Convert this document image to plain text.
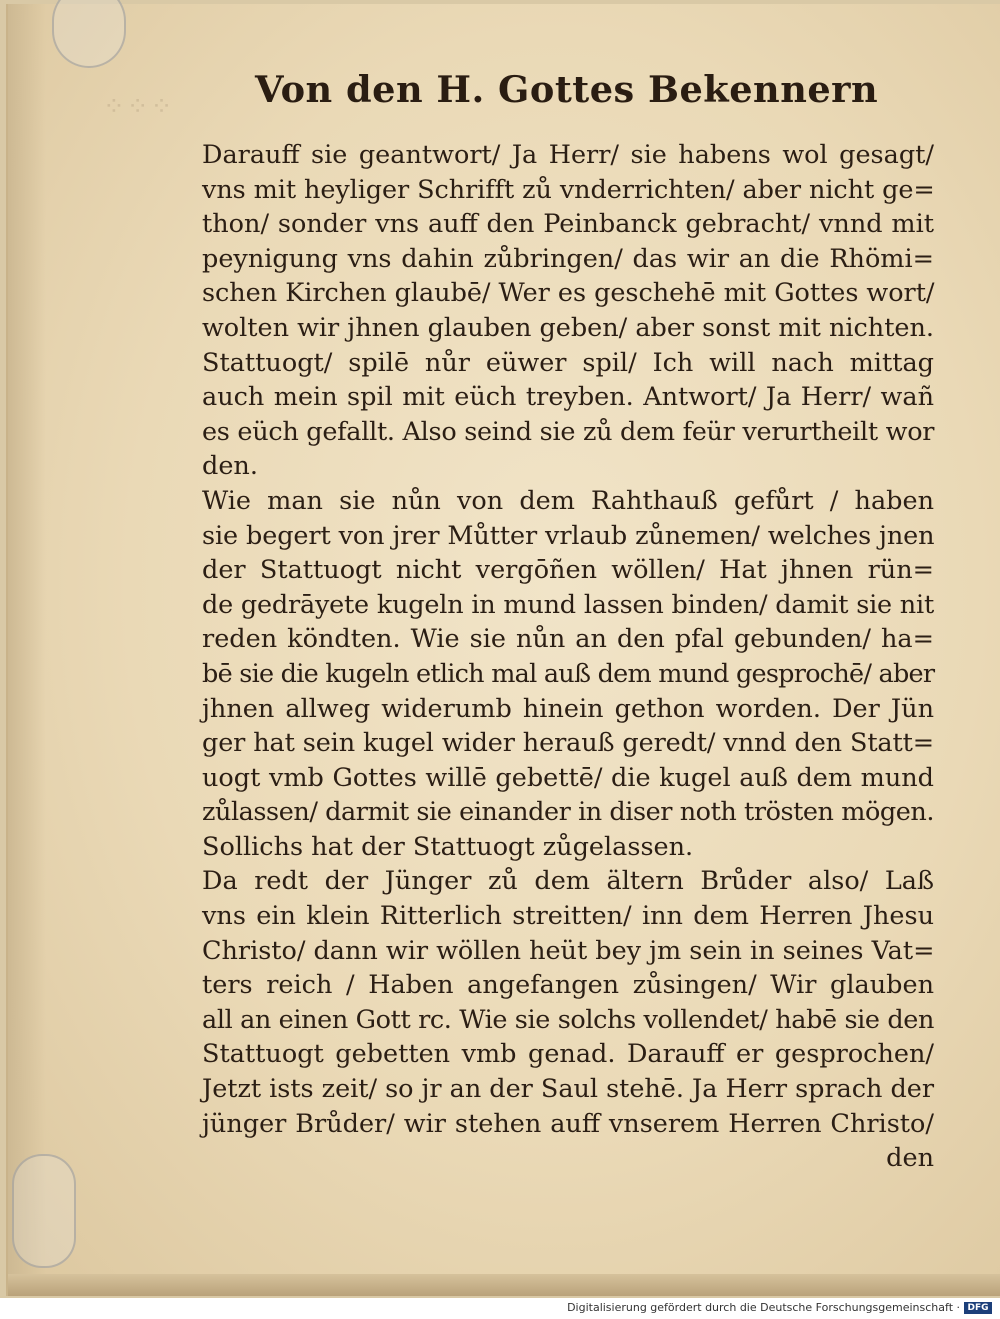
⁘⁘⁘ Von den H. Gottes Bekennern
Darauff sie geantwort/ Ja Herr/ sie habens wol gesagt/
vns mit heyliger Schrifft zů vnderrichten/ aber nicht ge=
thon/ sonder vns auff den Peinbanck gebracht/ vnnd mit
peynigung vns dahin zůbringen/ das wir an die Rhömi=
schen Kirchen glaubē/ Wer es geschehē mit Gottes wort/
wolten wir jhnen glauben geben/ aber sonst mit nichten.
Stattuogt/ spilē nůr eüwer spil/ Ich will nach mittag
auch mein spil mit eüch treyben. Antwort/ Ja Herr/ wañ
es eüch gefallt. Also seind sie zů dem feür verurtheilt wor
den.
Wie man sie nůn von dem Rahthauß gefůrt / haben
sie begert von jrer Můtter vrlaub zůnemen/ welches jnen
der Stattuogt nicht vergōñen wöllen/ Hat jhnen rün=
de gedrāyete kugeln in mund lassen binden/ damit sie nit
reden köndten. Wie sie nůn an den pfal gebunden/ ha=
bē sie die kugeln etlich mal auß dem mund gesprochē/ aber
jhnen allweg widerumb hinein gethon worden. Der Jün
ger hat sein kugel wider herauß geredt/ vnnd den Statt=
uogt vmb Gottes willē gebettē/ die kugel auß dem mund
zůlassen/ darmit sie einander in diser noth trösten mögen.
Sollichs hat der Stattuogt zůgelassen.
Da redt der Jünger zů dem ältern Brůder also/ Laß
vns ein klein Ritterlich streitten/ inn dem Herren Jhesu
Christo/ dann wir wöllen heüt bey jm sein in seines Vat=
ters reich / Haben angefangen zůsingen/ Wir glauben
all an einen Gott rc. Wie sie solchs vollendet/ habē sie den
Stattuogt gebetten vmb genad. Darauff er gesprochen/
Jetzt ists zeit/ so jr an der Saul stehē. Ja Herr sprach der
jünger Brůder/ wir stehen auff vnserem Herren Christo/
den
Digitalisierung gefördert durch die Deutsche Forschungsgemeinschaft · DFG
